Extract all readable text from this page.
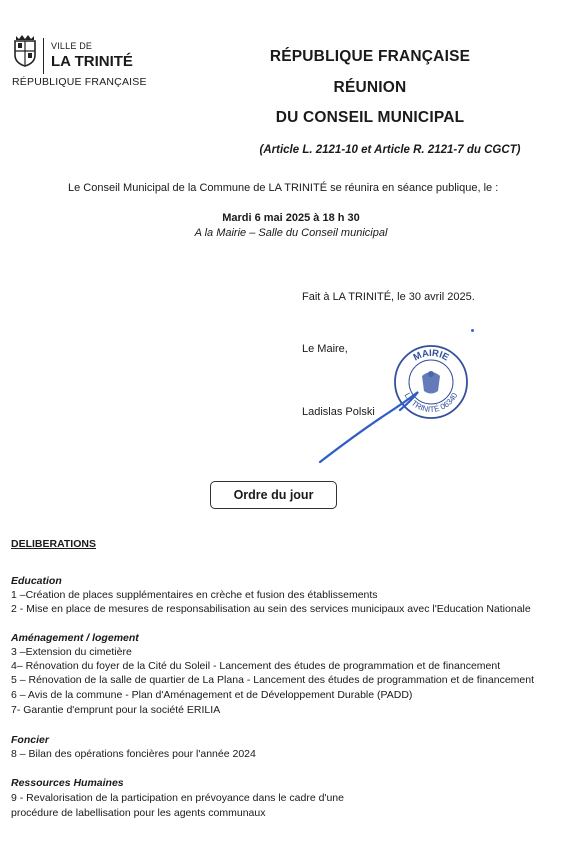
VILLE DE
LA TRINITÉ
RÉPUBLIQUE FRANÇAISE
RÉPUBLIQUE FRANÇAISE
RÉUNION
DU CONSEIL MUNICIPAL
(Article L. 2121-10 et Article R. 2121-7 du CGCT)
Le Conseil Municipal de la Commune de LA TRINITÉ se réunira en séance publique, le :
Mardi 6 mai 2025 à 18 h 30
A la Mairie – Salle du Conseil municipal
Fait à LA TRINITÉ, le 30 avril 2025.
Le Maire,
Ladislas Polski
MAIRIE
LA TRINITÉ 06340
Ordre du jour
DELIBERATIONS
Education
1 –Création de places supplémentaires en crèche et fusion des établissements
2 - Mise en place de mesures de responsabilisation au sein des services municipaux avec l'Education Nationale
Aménagement / logement
3 –Extension du cimetière
4– Rénovation du foyer de la Cité du Soleil - Lancement des études de programmation et de financement
5 – Rénovation de la salle de quartier de La Plana - Lancement des études de programmation et de financement
6 – Avis de la commune - Plan d'Aménagement et de Développement Durable (PADD)
7- Garantie d'emprunt pour la société ERILIA
Foncier
8 – Bilan des opérations foncières pour l'année 2024
Ressources Humaines
9 - Revalorisation de la participation en prévoyance dans le cadre d'une
procédure de labellisation pour les agents communaux
